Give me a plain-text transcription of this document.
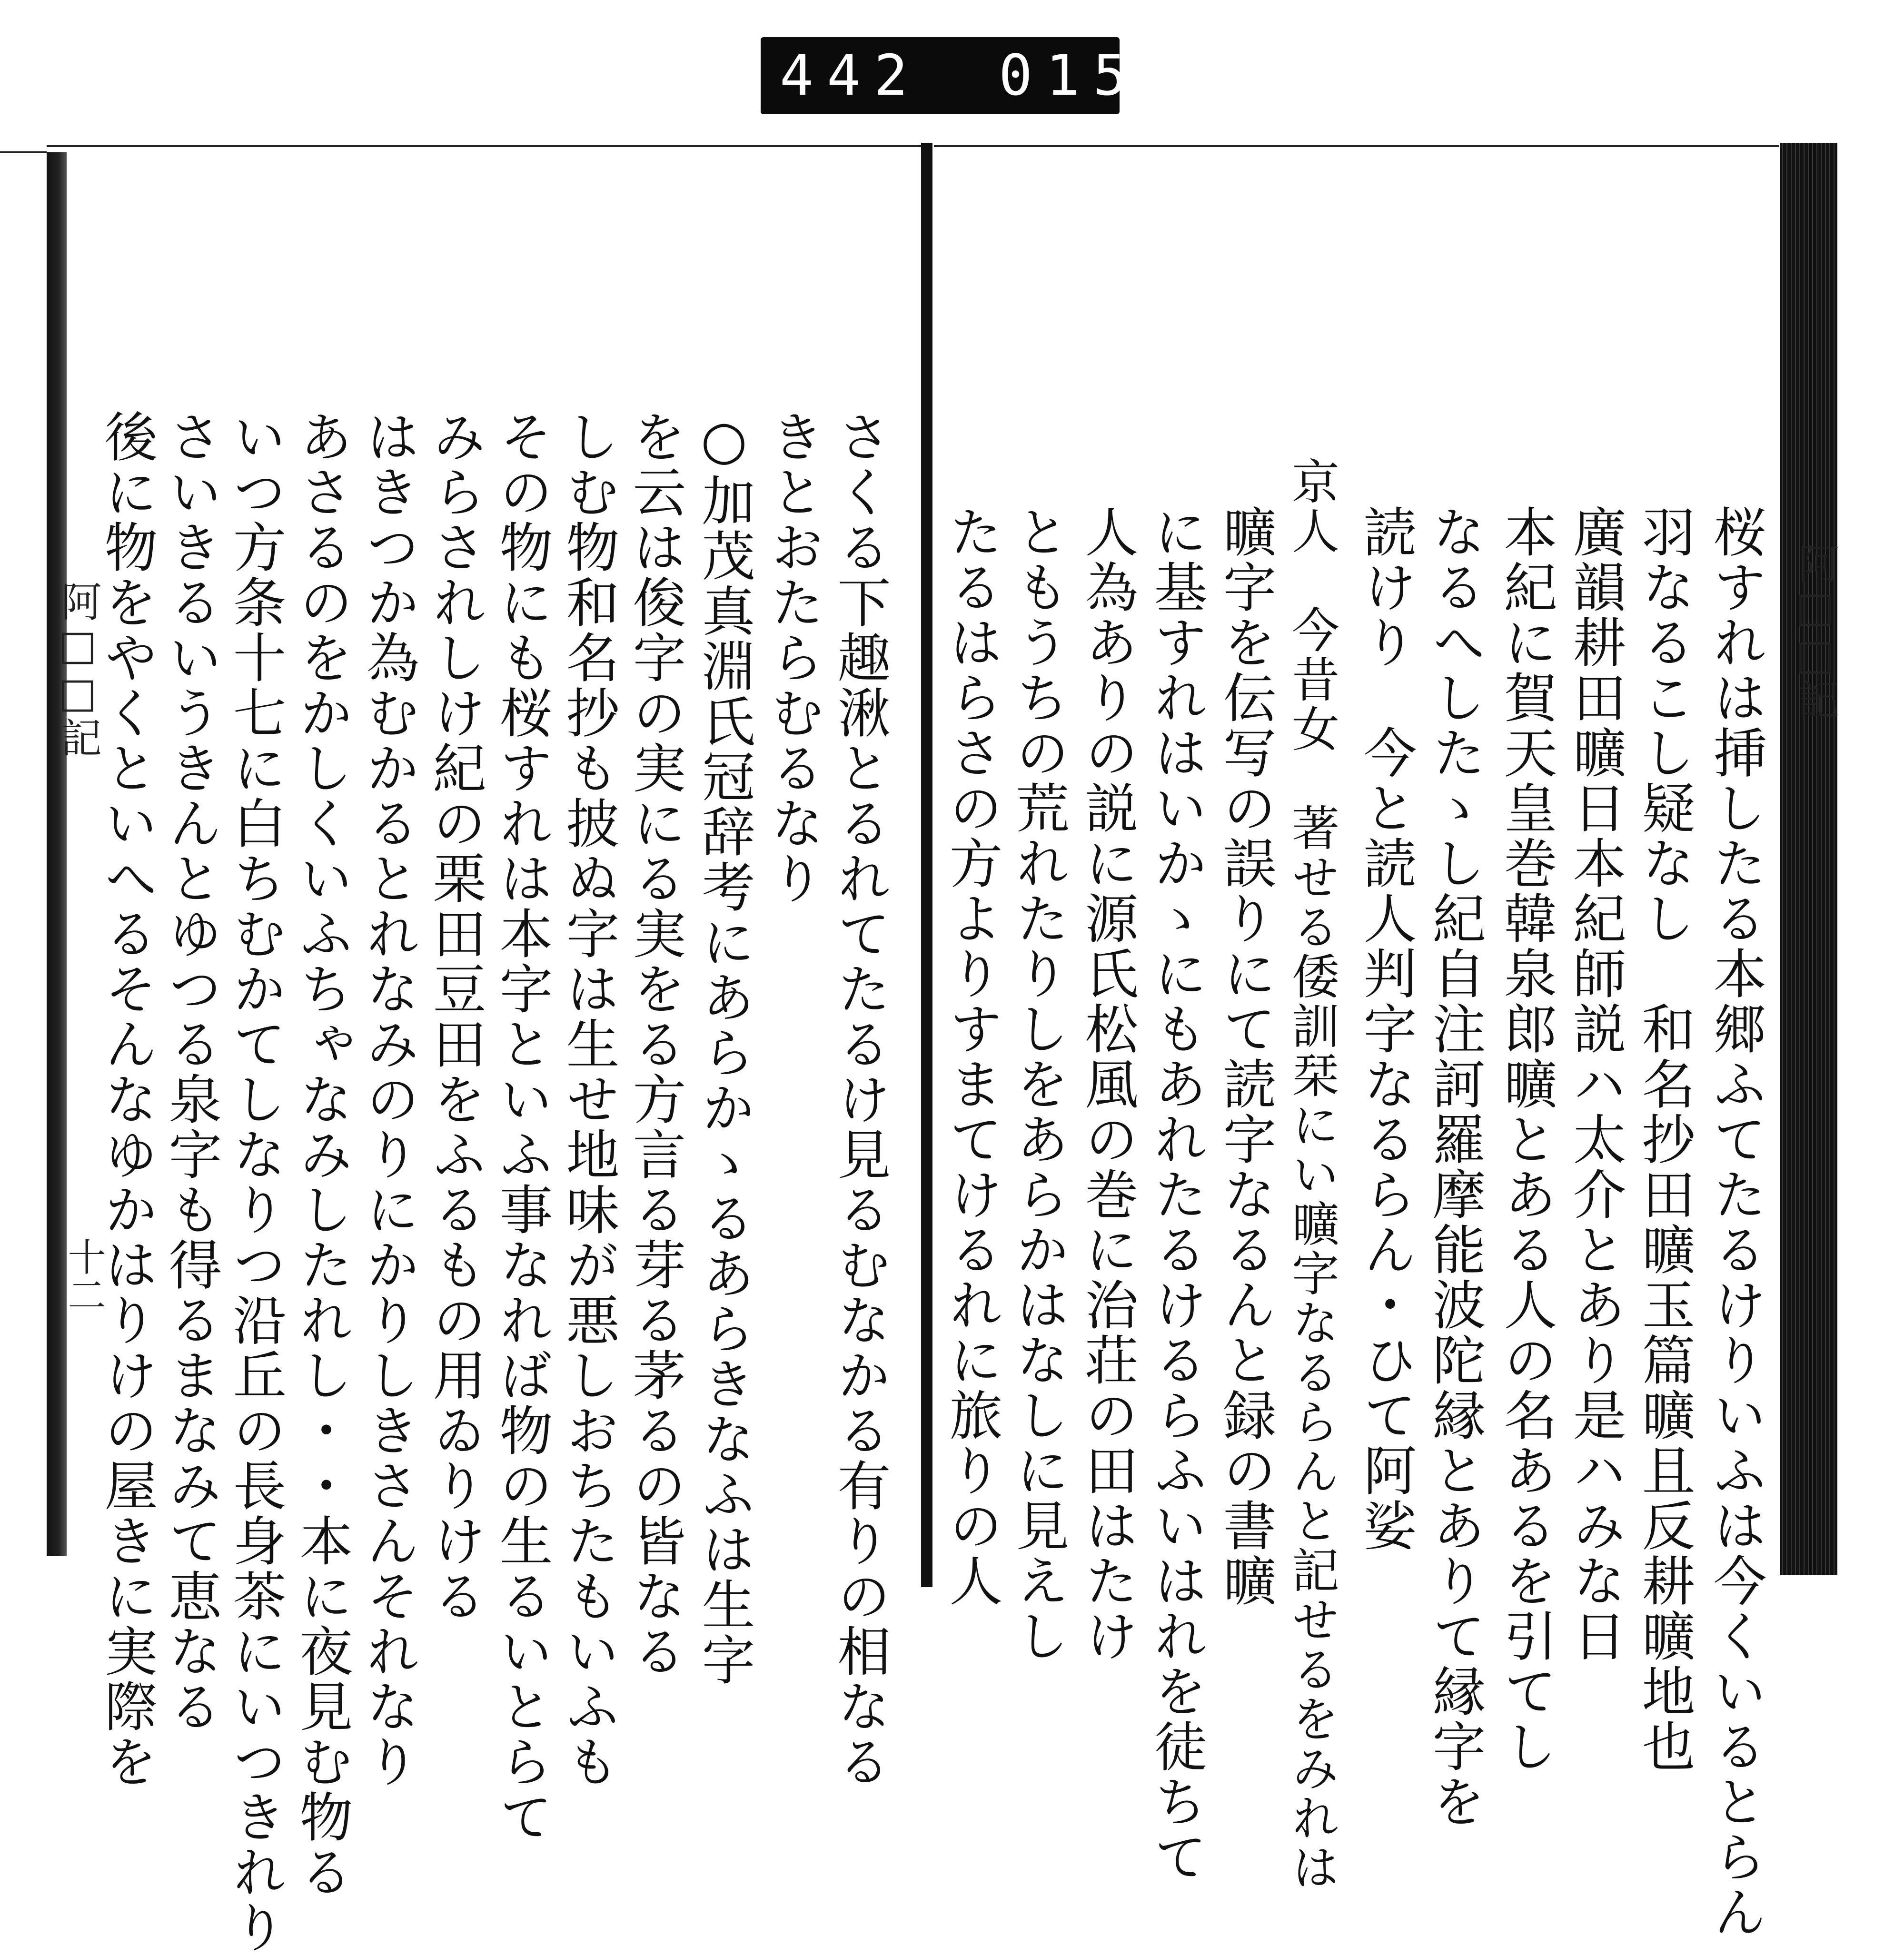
442 015.
阿□□記
桜すれは挿したる本郷ふてたるけりいふは今くいるとらん
羽なるこし疑なし　和名抄田曠玉篇曠且反耕曠地也
廣韻耕田曠日本紀師説ハ太介とあり是ハみな日
本紀に賀天皇巻韓泉郎曠とある人の名あるを引てし
なるへしたゝし紀自注訶羅摩能波陀縁とありて縁字を
読けり　今と読人判字なるらん・ひて阿娑
京人　今昔女　著せる倭訓栞にい曠字なるらんと記せるをみれは
曠字を伝写の誤りにて読字なるんと録の書曠
に基すれはいかゝにもあれたるけるらふいはれを徒ちて
人為ありの説に源氏松風の巻に治荘の田はたけ
ともうちの荒れたりしをあらかはなしに見えし
たるはらさの方よりすまてけるれに旅りの人
阿□□記
十二	さくる下趣湫とるれてたるけ見るむなかる有りの相なる
きとおたらむるなり
○加茂真淵氏冠辞考にあらかゝるあらきなふは生字
を云は俊字の実にる実をる方言る芽る茅るの皆なる
しむ物和名抄も披ぬ字は生せ地味が悪しおちたもいふも
その物にも桜すれは本字といふ事なれば物の生るいとらて
みらされしけ紀の栗田豆田をふるもの用ゐりける
はきつか為むかるとれなみのりにかりしきさんそれなり
あさるのをかしくいふちゃなみしたれし・・本に夜見む物る
いつ方条十七に白ちむかてしなりつ沿丘の長身茶にいつきれり
さいきるいうきんとゆつる泉字も得るまなみて恵なる
後に物をやくといへるそんなゆかはりけの屋きに実際を
